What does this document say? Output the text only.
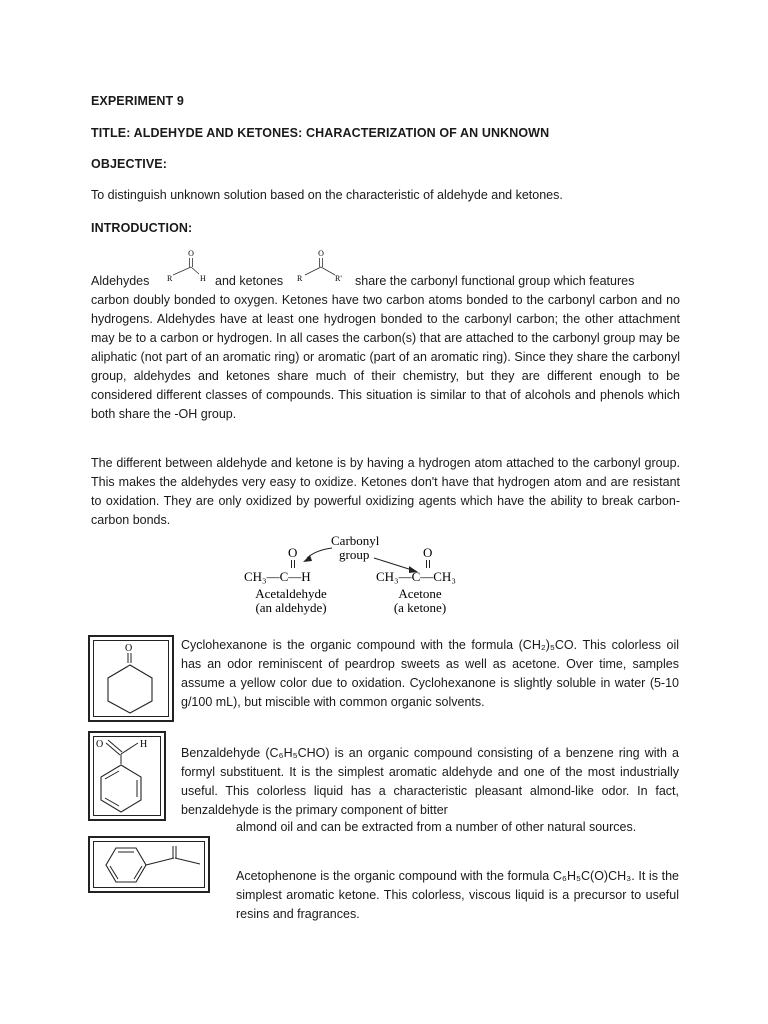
EXPERIMENT 9
TITLE: ALDEHYDE AND KETONES: CHARACTERIZATION OF AN UNKNOWN
OBJECTIVE:

To distinguish unknown solution based on the characteristic of aldehyde and ketones.

INTRODUCTION:
Aldehydes
O
R	H and ketones
O
R	R' share the carbonyl functional group which features

carbon doubly bonded to oxygen. Ketones have two carbon atoms bonded to the carbonyl carbon and no hydrogens. Aldehydes have at least one hydrogen bonded to the carbonyl carbon; the other attachment may be to a carbon or hydrogen. In all cases the carbon(s) that are attached to the carbonyl group may be aliphatic (not part of an aromatic ring) or aromatic (part of an aromatic ring). Since they share the carbonyl group, aldehydes and ketones share much of their chemistry, but they are different enough to be considered different classes of compounds. This situation is similar to that of alcohols and phenols which both share the -OH group.

The different between aldehyde and ketone is by having a hydrogen atom attached to the carbonyl group. This makes the aldehydes very easy to oxidize. Ketones don't have that hydrogen atom and are resistant to oxidation. They are only oxidized by powerful oxidizing agents which have the ability to break carbon-carbon bonds.

Carbonyl
group
O	O
CH₃—C—H	CH₃—C—CH₃
Acetaldehyde
(an aldehyde)
Acetone
(a ketone)
O	Cyclohexanone is the organic compound with the formula (CH₂)₅CO. This colorless oil has an odor reminiscent of peardrop sweets as well as acetone. Over time, samples assume a yellow color due to oxidation. Cyclohexanone is slightly soluble in water (5-10 g/100 mL), but miscible with common organic solvents.

O	H

Benzaldehyde (C₆H₅CHO) is an organic compound consisting of a benzene ring with a formyl substituent. It is the simplest aromatic aldehyde and one of the most industrially useful. This colorless liquid has a characteristic pleasant almond-like odor. In fact, benzaldehyde is the primary component of bitter

almond oil and can be extracted from a number of other natural sources.

Acetophenone is the organic compound with the formula C₆H₅C(O)CH₃. It is the simplest aromatic ketone. This colorless, viscous liquid is a precursor to useful resins and fragrances.
